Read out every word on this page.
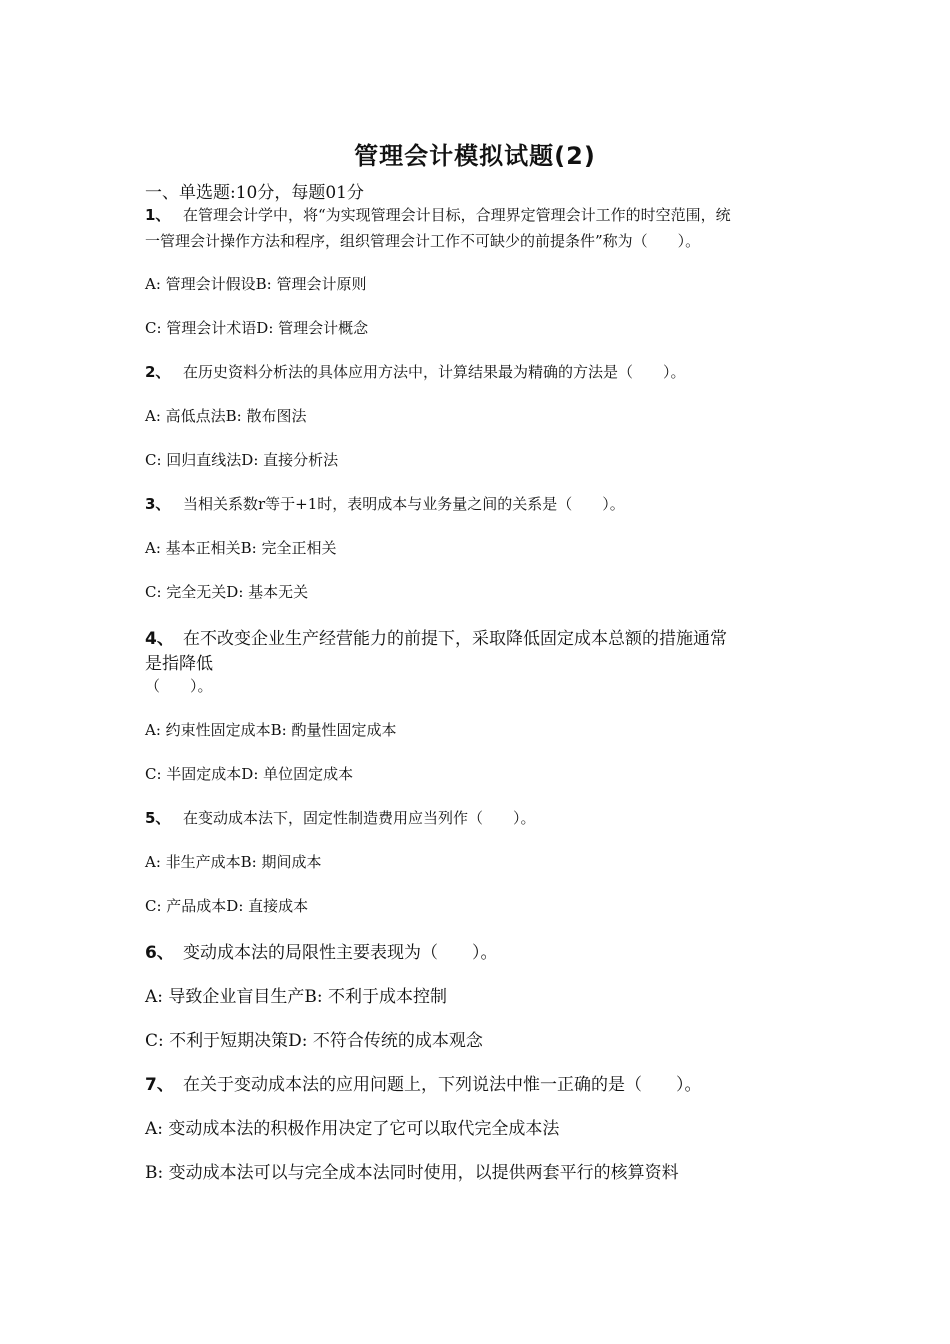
管理会计模拟试题(2)
一、单选题:10分，每题01分
1、 在管理会计学中，将“为实现管理会计目标，合理界定管理会计工作的时空范围，统
一管理会计操作方法和程序，组织管理会计工作不可缺少的前提条件”称为（　　）。
A: 管理会计假设B: 管理会计原则
C: 管理会计术语D: 管理会计概念
2、 在历史资料分析法的具体应用方法中，计算结果最为精确的方法是（　　）。
A: 高低点法B: 散布图法
C: 回归直线法D: 直接分析法
3、 当相关系数r等于+1时，表明成本与业务量之间的关系是（　　）。
A: 基本正相关B: 完全正相关
C: 完全无关D: 基本无关
4、 在不改变企业生产经营能力的前提下，采取降低固定成本总额的措施通常
是指降低
（　　）。
A: 约束性固定成本B: 酌量性固定成本
C: 半固定成本D: 单位固定成本
5、 在变动成本法下，固定性制造费用应当列作（　　）。
A: 非生产成本B: 期间成本
C: 产品成本D: 直接成本
6、 变动成本法的局限性主要表现为（　　）。
A: 导致企业盲目生产B: 不利于成本控制
C: 不利于短期决策D: 不符合传统的成本观念
7、 在关于变动成本法的应用问题上，下列说法中惟一正确的是（　　）。
A: 变动成本法的积极作用决定了它可以取代完全成本法
B: 变动成本法可以与完全成本法同时使用，以提供两套平行的核算资料
